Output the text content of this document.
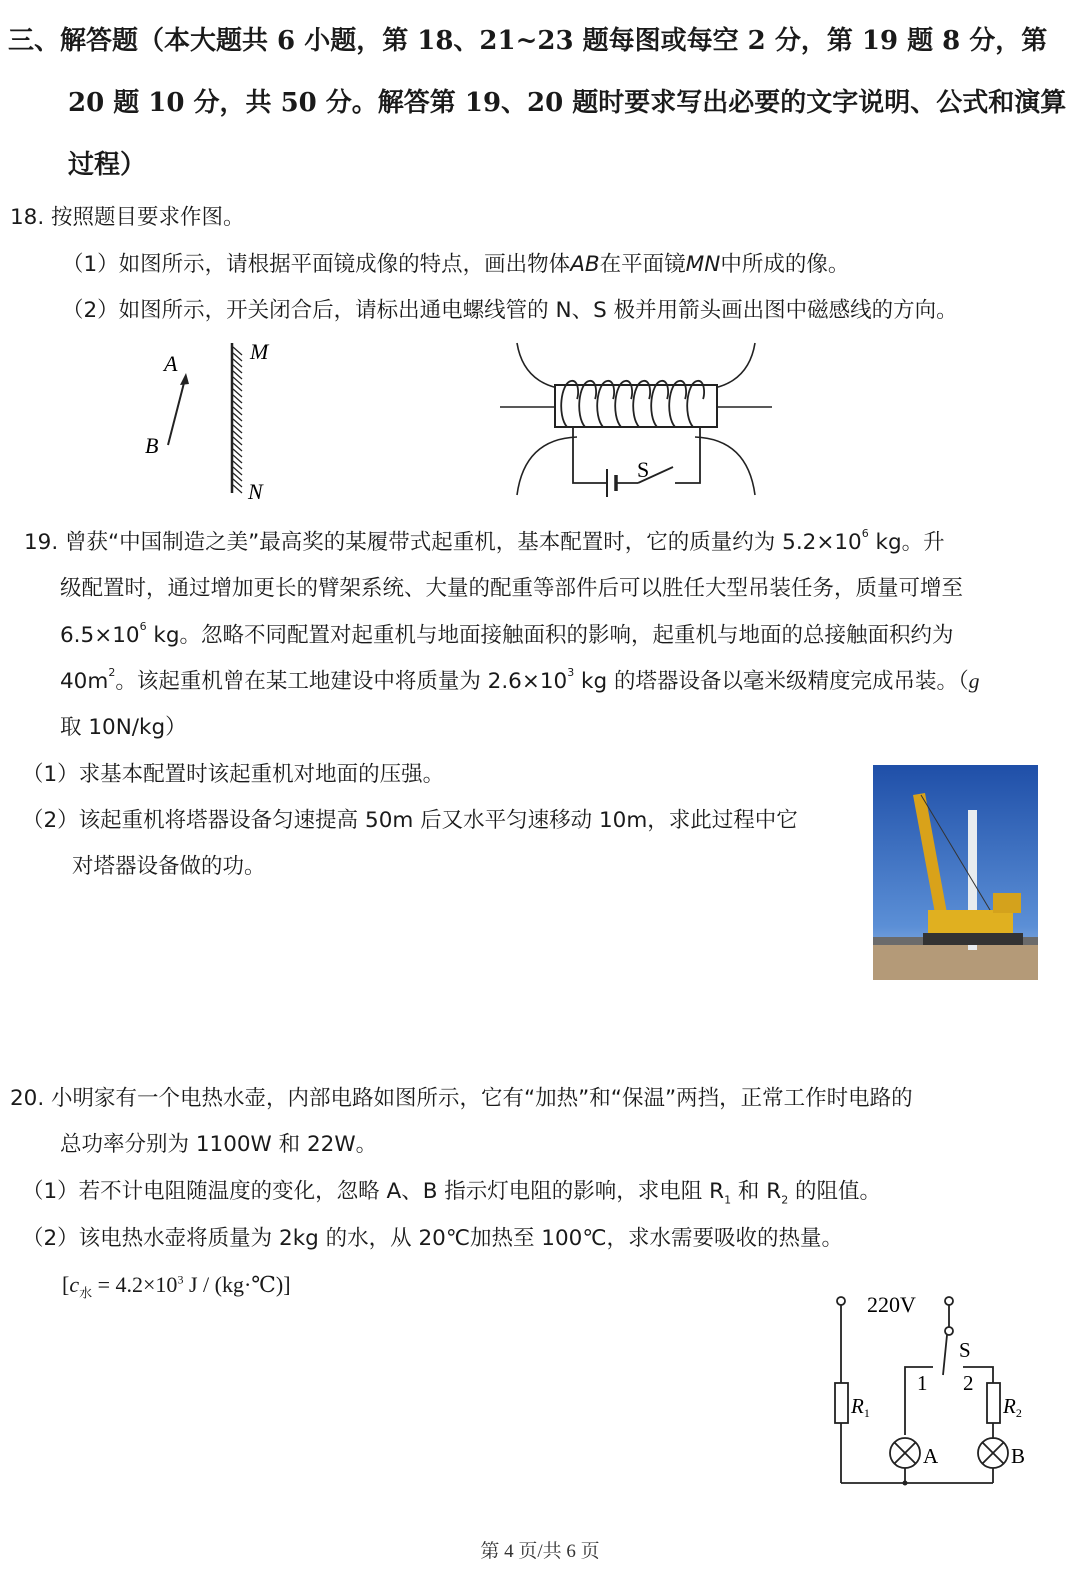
三、解答题（本大题共 6 小题，第 18、21~23 题每图或每空 2 分，第 19 题 8 分，第
20 题 10 分，共 50 分。解答第 19、20 题时要求写出必要的文字说明、公式和演算
过程）
18. 按照题目要求作图。
（1）如图所示，请根据平面镜成像的特点，画出物体AB在平面镜MN中所成的像。
（2）如图所示，开关闭合后，请标出通电螺线管的 N、S 极并用箭头画出图中磁感线的方向。
A
B
M
N
S
19. 曾获“中国制造之美”最高奖的某履带式起重机，基本配置时，它的质量约为 $5.2\times 10^6$ kg。升
级配置时，通过增加更长的臂架系统、大量的配重等部件后可以胜任大型吊装任务，质量可增至
$6.5\times 10^6$ kg。忽略不同配置对起重机与地面接触面积的影响，起重机与地面的总接触面积约为
$40m^2$。该起重机曾在某工地建设中将质量为 $2.6\times 10^3$ kg 的塔器设备以毫米级精度完成吊装。（g
取 10N/kg）
（1）求基本配置时该起重机对地面的压强。
（2）该起重机将塔器设备匀速提高 50m 后又水平匀速移动 10m，求此过程中它
对塔器设备做的功。
20. 小明家有一个电热水壶，内部电路如图所示，它有“加热”和“保温”两挡，正常工作时电路的
总功率分别为 1100W 和 22W。
（1）若不计电阻随温度的变化，忽略 A、B 指示灯电阻的影响，求电阻 $R_1$ 和 $R_2$ 的阻值。
（2）该电热水壶将质量为 2kg 的水，从 20℃加热至 100℃，求水需要吸收的热量。
[$c_水 = 4.2\times 10^3$ J / (kg·℃)]
220V
S
1 2
R1	R2
A	B
第 4 页/共 6 页
